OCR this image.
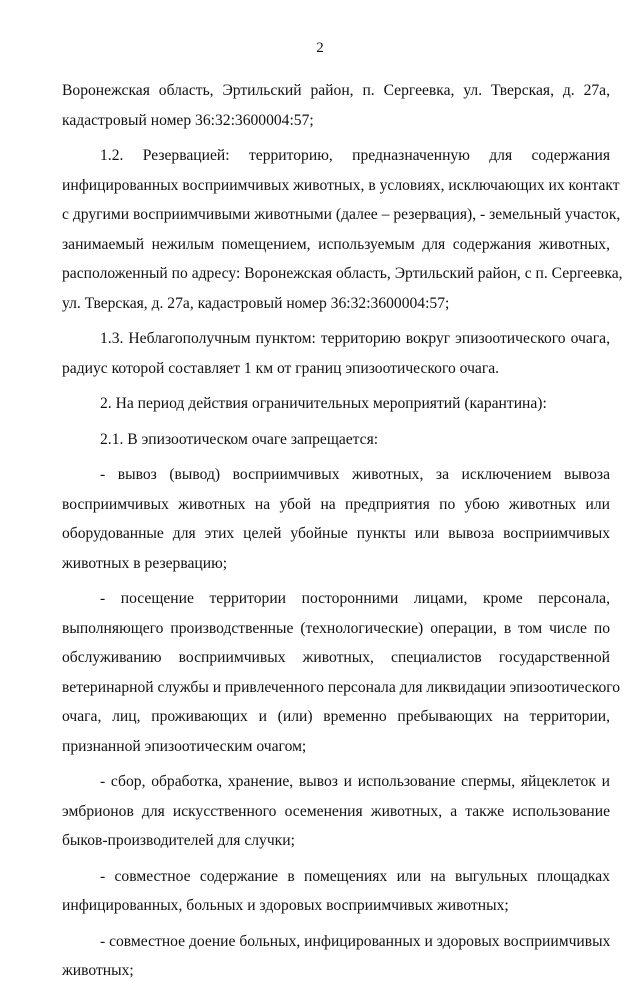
2
Воронежская область, Эртильский район, п. Сергеевка, ул. Тверская, д. 27а,
кадастровый номер 36:32:3600004:57;
1.2. Резервацией: территорию, предназначенную для содержания
инфицированных восприимчивых животных, в условиях, исключающих их контакт
с другими восприимчивыми животными (далее – резервация), - земельный участок,
занимаемый нежилым помещением, используемым для содержания животных,
расположенный по адресу: Воронежская область, Эртильский район, с п. Сергеевка,
ул. Тверская, д. 27а, кадастровый номер 36:32:3600004:57;
1.3. Неблагополучным пунктом: территорию вокруг эпизоотического очага,
радиус которой составляет 1 км от границ эпизоотического очага.
2. На период действия ограничительных мероприятий (карантина):
2.1. В эпизоотическом очаге запрещается:
- вывоз (вывод) восприимчивых животных, за исключением вывоза
восприимчивых животных на убой на предприятия по убою животных или
оборудованные для этих целей убойные пункты или вывоза восприимчивых
животных в резервацию;
- посещение территории посторонними лицами, кроме персонала,
выполняющего производственные (технологические) операции, в том числе по
обслуживанию восприимчивых животных, специалистов государственной
ветеринарной службы и привлеченного персонала для ликвидации эпизоотического
очага, лиц, проживающих и (или) временно пребывающих на территории,
признанной эпизоотическим очагом;
- сбор, обработка, хранение, вывоз и использование спермы, яйцеклеток и
эмбрионов для искусственного осеменения животных, а также использование
быков-производителей для случки;
- совместное содержание в помещениях или на выгульных площадках
инфицированных, больных и здоровых восприимчивых животных;
- совместное доение больных, инфицированных и здоровых восприимчивых
животных;
